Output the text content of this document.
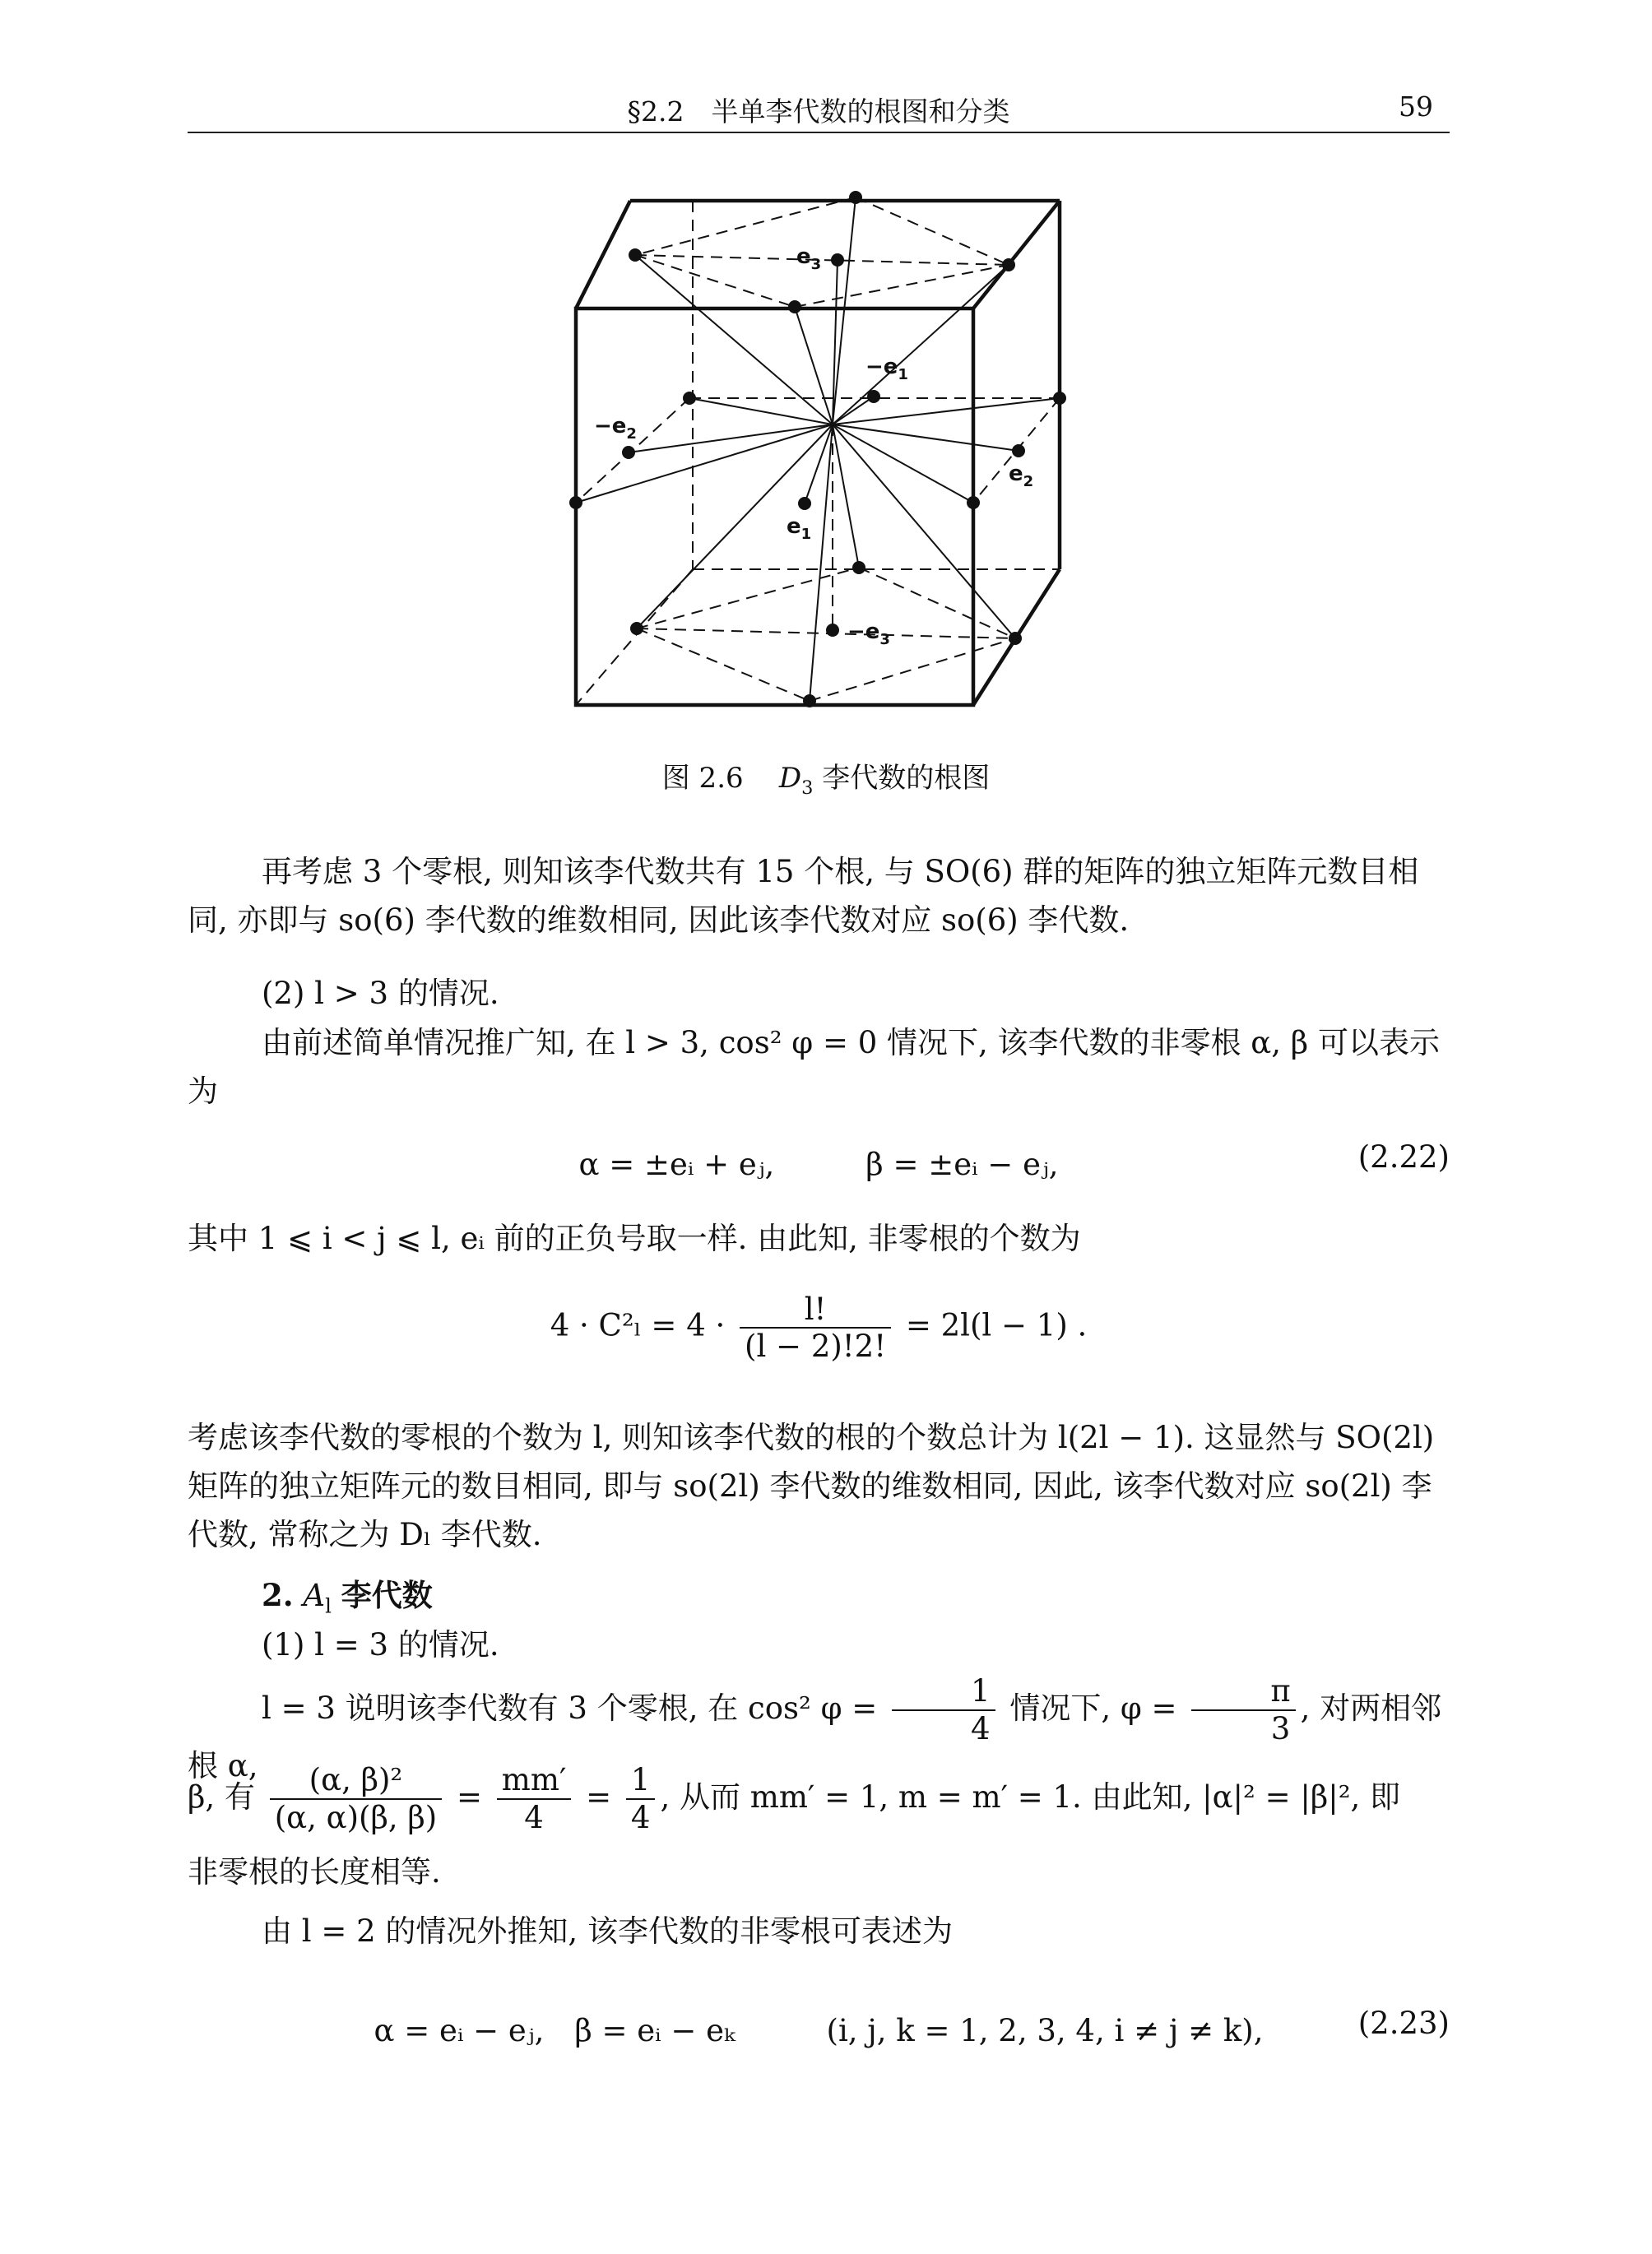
§2.2　半单李代数的根图和分类	59
$e_3$
$-e_1$
$-e_2$
$e_2$
$e_1$
$-e_3$
图 2.6 $D_3$ 李代数的根图
再考虑 3 个零根, 则知该李代数共有 15 个根, 与 SO(6) 群的矩阵的独立矩阵元数目相同, 亦即与 so(6) 李代数的维数相同, 因此该李代数对应 so(6) 李代数.
(2) l > 3 的情况.
由前述简单情况推广知, 在 l > 3, cos² φ = 0 情况下, 该李代数的非零根 α, β 可以表示为
α = ±eᵢ + eⱼ,　　　β = ±eᵢ − eⱼ,	(2.22)
其中 1 ⩽ i < j ⩽ l, eᵢ 前的正负号取一样. 由此知, 非零根的个数为
$4 \cdot C^2_l = 4 \cdot \frac{l!}{(l - 2)!2!} = 2l(l - 1)$ .
考虑该李代数的零根的个数为 l, 则知该李代数的根的个数总计为 l(2l − 1). 这显然与 SO(2l) 矩阵的独立矩阵元的数目相同, 即与 so(2l) 李代数的维数相同, 因此, 该李代数对应 so(2l) 李代数, 常称之为 Dₗ 李代数.
2. $A_l$ 李代数
(1) l = 3 的情况.
l = 3 说明该李代数有 3 个零根, 在 cos² $\varphi = \frac{1}{4}$ 情况下, $\varphi = \frac{\pi}{3}$ , 对两相邻根 α,
β, 有 $\frac{\text{(α, β)²}}{(\alpha, \alpha)(\beta, \beta)} = \frac{mm'}{4} = \frac{1}{4}$ , 从而 mm′ = 1, m = m′ = 1. 由此知, |α|² = |β|², 即
非零根的长度相等.
由 l = 2 的情况外推知, 该李代数的非零根可表述为
α = eᵢ − eⱼ,　β = eᵢ − eₖ　　　(i, j, k = 1, 2, 3, 4, i ≠ j ≠ k),	(2.23)
